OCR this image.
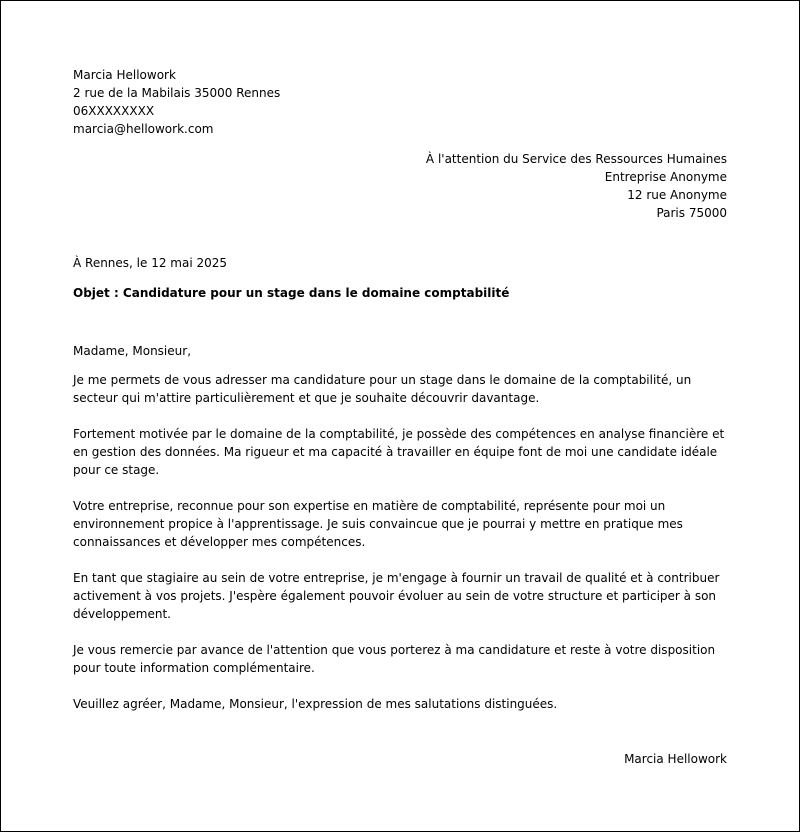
Marcia Hellowork
2 rue de la Mabilais 35000 Rennes
06XXXXXXXX
marcia@hellowork.com
À l'attention du Service des Ressources Humaines
Entreprise Anonyme
12 rue Anonyme
Paris 75000
À Rennes, le 12 mai 2025
Objet : Candidature pour un stage dans le domaine comptabilité

Madame, Monsieur,

Je me permets de vous adresser ma candidature pour un stage dans le domaine de la comptabilité, un secteur qui m'attire particulièrement et que je souhaite découvrir davantage.

Fortement motivée par le domaine de la comptabilité, je possède des compétences en analyse financière et en gestion des données. Ma rigueur et ma capacité à travailler en équipe font de moi une candidate idéale pour ce stage.

Votre entreprise, reconnue pour son expertise en matière de comptabilité, représente pour moi un environnement propice à l'apprentissage. Je suis convaincue que je pourrai y mettre en pratique mes connaissances et développer mes compétences.

En tant que stagiaire au sein de votre entreprise, je m'engage à fournir un travail de qualité et à contribuer activement à vos projets. J'espère également pouvoir évoluer au sein de votre structure et participer à son développement.

Je vous remercie par avance de l'attention que vous porterez à ma candidature et reste à votre disposition pour toute information complémentaire.

Veuillez agréer, Madame, Monsieur, l'expression de mes salutations distinguées.

Marcia Hellowork
